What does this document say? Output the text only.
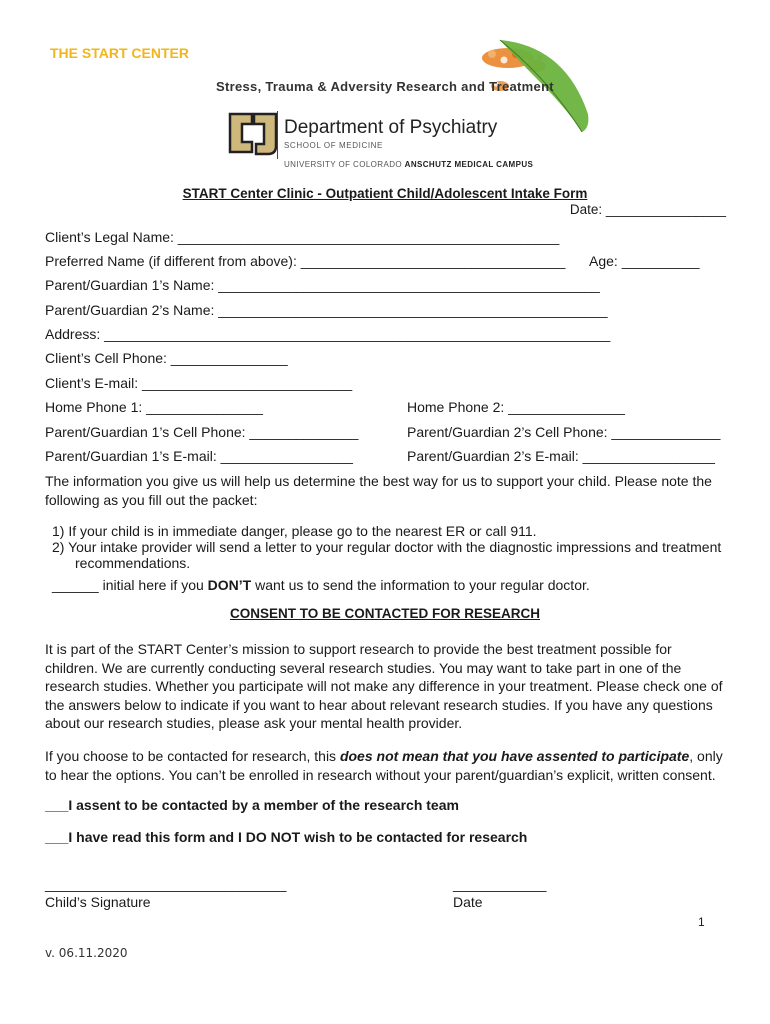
THE START CENTER
Stress, Trauma & Adversity Research and Treatment
Department of Psychiatry
SCHOOL OF MEDICINE
UNIVERSITY OF COLORADO ANSCHUTZ MEDICAL CAMPUS
START Center Clinic - Outpatient Child/Adolescent Intake Form
Date: ________________
Client’s Legal Name: _________________________________________________
Preferred Name (if different from above): __________________________________ Age: __________
Parent/Guardian 1’s Name: _________________________________________________
Parent/Guardian 2’s Name: __________________________________________________
Address: _________________________________________________________________
Client’s Cell Phone: _______________
Client’s E-mail: ___________________________
Home Phone 1: _______________	Home Phone 2: _______________
Parent/Guardian 1’s Cell Phone: ______________	Parent/Guardian 2’s Cell Phone: ______________
Parent/Guardian 1’s E-mail: _________________	Parent/Guardian 2’s E-mail: _________________
The information you give us will help us determine the best way for us to support your child. Please note the following as you fill out the packet:
1) If your child is in immediate danger, please go to the nearest ER or call 911.
2) Your intake provider will send a letter to your regular doctor with the diagnostic impressions and treatment
recommendations.
______ initial here if you DON’T want us to send the information to your regular doctor.
CONSENT TO BE CONTACTED FOR RESEARCH
It is part of the START Center’s mission to support research to provide the best treatment possible for children. We are currently conducting several research studies. You may want to take part in one of the research studies. Whether you participate will not make any difference in your treatment. Please check one of the answers below to indicate if you want to hear about relevant research studies. If you have any questions about our research studies, please ask your mental health provider.
If you choose to be contacted for research, this does not mean that you have assented to participate, only to hear the options. You can’t be enrolled in research without your parent/guardian’s explicit, written consent.
___I assent to be contacted by a member of the research team
___I have read this form and I DO NOT wish to be contacted for research
_______________________________
Child’s Signature
____________
Date
1
v. 06.11.2020
